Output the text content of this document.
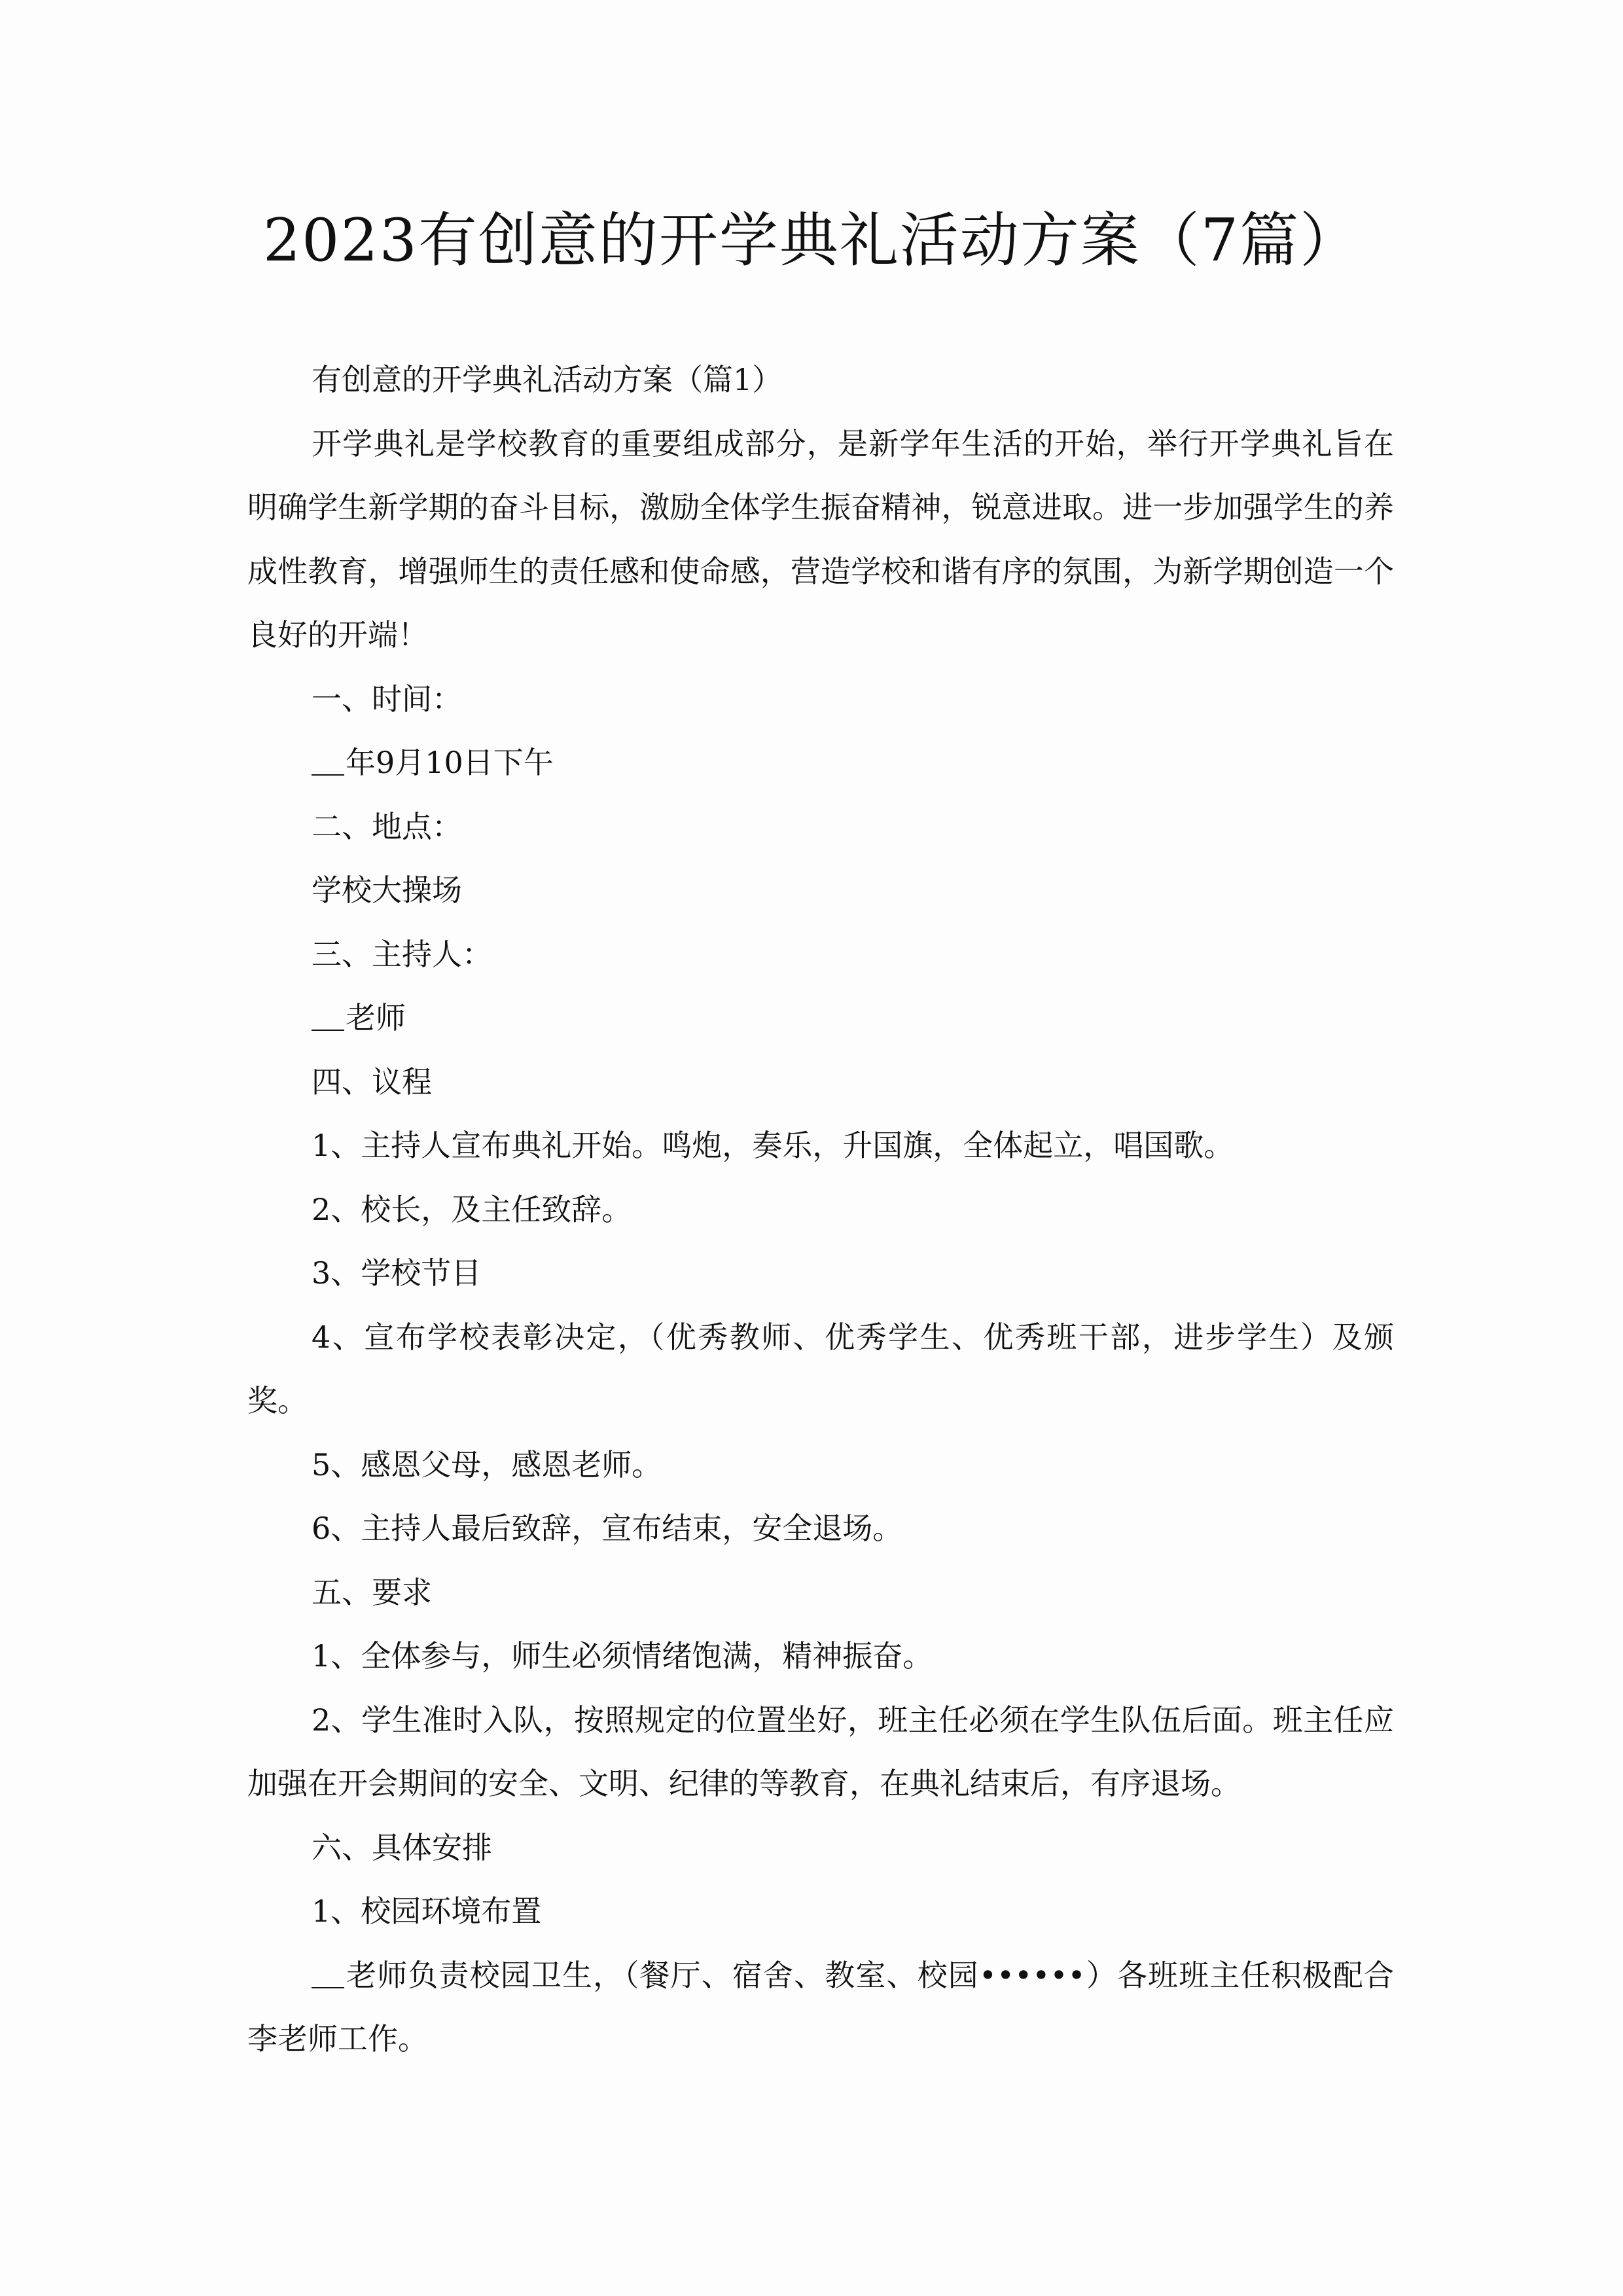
2023有创意的开学典礼活动方案（7篇）

有创意的开学典礼活动方案（篇1）

开学典礼是学校教育的重要组成部分，是新学年生活的开始，举行开学典礼旨在明确学生新学期的奋斗目标，激励全体学生振奋精神，锐意进取。进一步加强学生的养成性教育，增强师生的责任感和使命感，营造学校和谐有序的氛围，为新学期创造一个良好的开端！

一、时间：

年9月10日下午

二、地点：

学校大操场

三、主持人：

老师

四、议程

1、主持人宣布典礼开始。鸣炮，奏乐，升国旗，全体起立，唱国歌。

2、校长，及主任致辞。

3、学校节目

4、宣布学校表彰决定，（优秀教师、优秀学生、优秀班干部，进步学生）及颁奖。

5、感恩父母，感恩老师。

6、主持人最后致辞，宣布结束，安全退场。

五、要求

1、全体参与，师生必须情绪饱满，精神振奋。

2、学生准时入队，按照规定的位置坐好，班主任必须在学生队伍后面。班主任应加强在开会期间的安全、文明、纪律的等教育，在典礼结束后，有序退场。

六、具体安排

1、校园环境布置

老师负责校园卫生，（餐厅、宿舍、教室、校园••••••）各班班主任积极配合李老师工作。
